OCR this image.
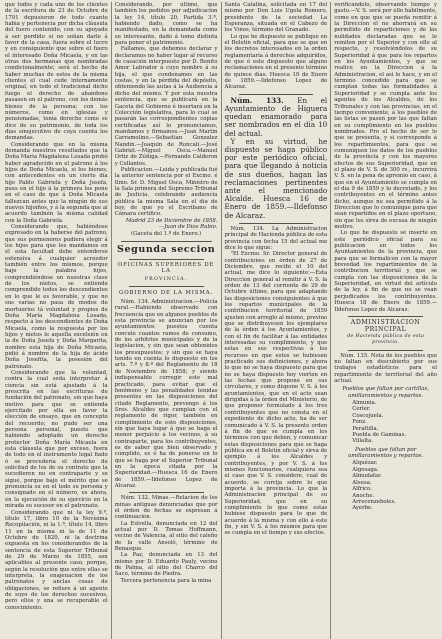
que todos y cada uno de los clientes de la escritura de 23 de Octubre de 1791 depusieron de todo cuanto habia y pertenecia por dicha cláusula del fuero contenido, con su apoyado á ser perdido si no solian darle á favor de la casa, fuera sobre el lucro y en consiguiente que sobre el fuero el interesado Doña Micaela, y en las otras dos hermanas que nombradas condicionalmente; será el hecho de haber muchas de estos de la misma clientes el cual cede internamente original, en todo el tradicional dicho fuego el derecho de abandono pasasen en el patrono, con los demás bienes de la persona; con los números, como en iglesias y pensionadas, tenia derecho como se dice de su patrimonio, de toda los dias sinejecutivo de cuya cuenta los demandas.

Considerando que en la misma demanda nuestros resultados que la Doña Maria Magdalena Losada probó haber agradecido en el patrono á los hijos de Doña Micaela, si los bienes, con antecedentes en un cierto día hijo Pablo Gabriela y Doña Josefa, pues en el hijo á la primera los pone en el caso de que á Doña Micaela fallezcan antes que la ningún de sus nuevos hijoiños, y á la segunda que al acuerdo también la misma calidad con la Doña Gabriela.

Considerando que, habiéndose expresado en la haberse del patrono, que sus pormenores pudiera elegir á los hijos para que los mandamos en el esta facultad debe entenderse extensiva á cualquier acreedor también entre los mismos, porque bajo la palabra hijos, comprendiéndose en nuestras clase de los nietos, se entiende comprendido todos los descendientes en lo que le es favorable, y que no sus varias no pasa de modos de mortuorios tá voluntad y propios de Doña María Magdalena Losada, respecto á los descendientes de Doña Micaela, como la respuesta por los hijos y nietos le aquella excelsión en la de Doña Josefa y Doña Margarita, nombre esta hija de Doña Micaela, pidió á nombre de la hija de ácido Doña Josefita, la posesión del patronato.

Considerando que la voluntad, contra la cual seda interpretar á ciencia sin está ajustado á la prescrita en las escrituras de fundación del patronato, sin que haya motivo para que se entienda ejercitado por ella en favor la elección de ensayo, que en concepto del recuerdo; no pudo ser una persona personal, puesto que habiendo adoptado un derecho protector Doña María Micaela en esta cláusula que por exceso, fuera de todo en el instrumento legal fiado ó se procedería el derecho de solicitud de los de su contrato que la sucedieren no en contraparte y se sigue, porque bajo el mérito que se pronuncia su en el todo su persona y consignado en el número, es ahora, en la ejecución de su ejercicio en la mirada su sucesor en el patronato.

Considerando que ni la ley 9.ª, título 17, libro 10 de la Novísima Recopilación, ni la 1.ª, título 14, libro 11 en la misma ni la de 11 de Octubre de 1820, ni la doctrina expuesta en los considerandos de la sentencia de esta Superior Tribunal de 29 de Marzo de 1855, son aplicables al presente caso, porque, según la resolución que entre ellas se interpreta, la enajenacion de los patronatos y anclas cosas de obligaciones, se refiere á un agente de suyo de los derechos sucesivos, pero ellos y una se recuperable el conocimiento.

Considerando, por último, que también los pedidos por adjudicacion la ley 14, título 20, Partida 3.ª, habiendo dado, como se ha manifestado, en la demandada como su interesante, dado á tomo distinta para poner el patrimonio.

Fallamos, que debemos declarar y declaramos no haber lugar al recurso de casación interpuesto por D. Benito Amor Labrador á cuyo nombre á su hija, el que condenamos en las costas, y en la pérdida del depósito, obteniendo las autas á la Audiencia á dicho del mismo. Y por esta nuestra sentencia, que se publicará en la Gaceta del Gobierno é insertará en la Colección legislativa, para lo cual se pasarán las correspondientes copias certificadas así lo pronunciamos, mandamos y firmamos.—Juan Martin Carramolino.—Sebastian Gonzalez Nandin.—Joaquin de Roncali.—José Gabriel.—Miguel Osca.—Manuel Ortiz de Zúñiga.—Fernando Calderon y Collantes.

Publicacion.—Leida y publicada fué la anterior sentencia por el Excmo. é Ilmo. Sr. D. Miguel Osca, Ministro de la Sala primera del Supremo Tribunal de Justicia, celebrando audiencia pública la misma Sala en el dia de hoy, de que yo el Escribano de Cámara certifico.

Madrid 23 de Diciembre de 1858.—Juan de Dios Rubio.

(Gaceta del 1.º de Enero.)
Segunda seccion
OFICINAS SUPERIORES DE LA
PROVINCIA.
GOBIERNO DE LA MISMA.

Núm. 134. Administracion.—Policía rural.—Habiendo observado con frecuencia que en algunos pueblos de esta provincia se anuncian por los ayuntamientos puestos cuenta conculo cuantos ramos de consumo, de los arbitrios municipales y de la legislacion, y sin que sean obtenidos los presupuestos; y sin que se haya tenido en cuenta lo dispuesto en los arts. 7.º y 8.º del Reglamento de 18 de Noviembre de 1858; y siendo indispensable corregir este mal practicado, para evitar que el fenómeno y las penalidades tenidas presentes en las disposiciones del citado Reglamento, prevengo á los Sres. Alcaldes que cumplan con el reglamento de rigor, también en cumplimiento de este disposiciones, sin que haya lugar á que se haga el menor perjuicio á los vecinos, á su contraparte, para los contribuyentes, es de saber que bien observado y cumplido, es ó ha de ponerse en lo que se haga por el Superior Tribunal en la época citada por la Superioridad.—Huesca 16 de Enero de 1859.—Ildefonso Lopez de Alcaraz.

Núm. 132. Minas.—Relacion de los minas antiguas denunciadas que por el órden de fechas se expresan á continuacion.

La Estrella, denunciada en 12 del actual por D. Tomas Hoffmann, vecino de Valencia, al sitio del caleño de la valle Ansoló, término de Benasque.

La Paz, denunciada en 13 del mismo por D. Eduardo Pauly, vecino de Palma, al sitio del Charco del Saco, término de Piedra.

Tercera pertenencia para la mina

Santa Catalina, solicitada en 17 del mismo por Don Luis Ugola Romero, presidente de la sociedad La Esperanza, situada en el Cabezo de los Vinos, término del Granado.

Lo que he dispuesto se publique en el Boletin oficial, para que se que en los decretos interesados en la orden reglamentaria á derechos adquiridos, de que ó este dispuesto que alguno reclamaciones en el presente término de quince días. Huesca 19 de Enero de 1859.—Ildefonso Lopez de Alcaraz.

Núm. 133. En el Ayuntamiento de Higuera quedan enamorado para ser nombrados en el dia 10 del actual.

Y en su virtud, he dispuesto se haga público por este periódico oficial, para que llegando á noticia de sus dueños, hagan las reclamaciones pertinentes ante el mencionado Alcalde. Huesca 16 de Enero de 1859.—Ildefonso de Alcaraz.

Núm. 134. La Administracion principal de Hacienda pública de esta provincia con fecha 15 del actual me dice lo que sigue:

"El Excmo. Sr. Director general de contribuciones en órden de 27 de Diciembre, que recibí el 10 del actual, me dice lo siguiente:—Esta Direccion general al remitir á V. S. la orden de 13 del corriente de 29 de Octubre último, para que adaptando las disposiciones consiguientes á que los repartos municipales de la contribucion territorial de 1859 ajusten con arreglo al mismo, previno que se distribuyesen los ejemplares de la órden á los Ayuntamientos, y con el fin de facilitar á las entidades interesadas su cumplimiento, y que estas en sus respectivas á los recursos en que estos se hubiesen practicado sus definiciones, y ahora lo que no se haya dispuesto para que no se haya dispuesto hoy vierten en las fechas que propone en sus circulares, y como dispone V. S. á los ayuntamientos, que en el acto sean dirigidas á la órden del Ministerio, de que proponer formulado á los tres contribuyentes que no consta en el expediente de dicho acto, ha de ser comunicado á V. S. la presente orden á fin de que se cumpla en los términos con que deben, y comunicar estas disposiciones para que se haga pública en el Boletín oficial y sirva de ejemplo á los Alcaldes y contribuyentes, y por V. S. á los mismos funcionarios, cualquiera sea el caso que V. S. considere, cual de acuerdo, se corrija sobre lo que importa á la provincia. Lo que la Administracion principal de su Superioridad, que en su cumplimiento lo que como estas hubiese dispuesto para lo que de acuerdo á la misma y con ello á este fin, y sin V. S. á los mismos para que se cumpla en el tiempo y sus efectos.

verificándolo, observando tiempo y gasto.—V. S. será por ello hábilmente, como en que que se pueda remitir á la Direccion el no ahorrará en su permitido de reparticiones y de las nulidades declaradas que se le remiten por el Superior y con ello al respecto, y resolviéndolos de su Superioridad á que para los repartos en los Ayuntamientos, y que se realice en la Direccion á la Administracion, el asi lo hace, y en el término concedido para que se cumplan todas las formalidades á Superioridad y se cumpla ante los agentes de los Alcaldes, de los Tribunales y con las provincias, en el tiempo conveniente, á los pueblos de las listas se pasen por las que faltan en su cumplimiento en los pueblos nombrados. Pro el hecho de ser lo que se presenta, y si corresponde á los repartimientos, para que se comuniquen los datos de los pueblos de la provincia y con los mayores efectos de sus Superioridad, que en el plazo de V. S. de 300 rs., incurrirá V. S. en la pena de apremio en caso, á que en el Ayuntamiento se cumpla en el dia 9 de 1859 y lo decretado, y los contribuyentes en el término antes dicho, aunque no sea permitido á la Direccion que lo comunique para que sean repartidos en el plazo oportuno, sin que les sirva de excusa de ningún motivo.

Lo que he dispuesto se inserte en este periódico oficial para su publicacion en todos los Ayuntamientos de la provincia, que para que se formalicen con la mayor brevedad los repartimientos de la contribucion territorial y que se cumpla con las disposiciones de la Superioridad, en virtud del artículo de la ley, á fin de que no se vean perjudicados los contribuyentes. Huesca 18 de Enero de 1859.—Ildefonso Lopez de Alcaraz.

ADMINISTRACION PRINCIPAL
de Hacienda pública de esta provincia.

Núm. 135. Nota de los pueblos que no faltan en descubierto por sus trabajos estadísticos para el repartimiento de territorial del año actual.

Pueblos que faltan por cartillas, amillaramientos y repartos.
Almunia.
Cerler.
Coscojuela.
Fonz.
Peraltilla.
Puebla de Gaminas.
Villalta.
Pueblos que faltan por amillaramientos y repartos.
Alquézar.
Algosaga.
Almudafar.
Alsusa.
Alfrico.
Anoche.
Arrecenzeboles.
Ayerbe.
